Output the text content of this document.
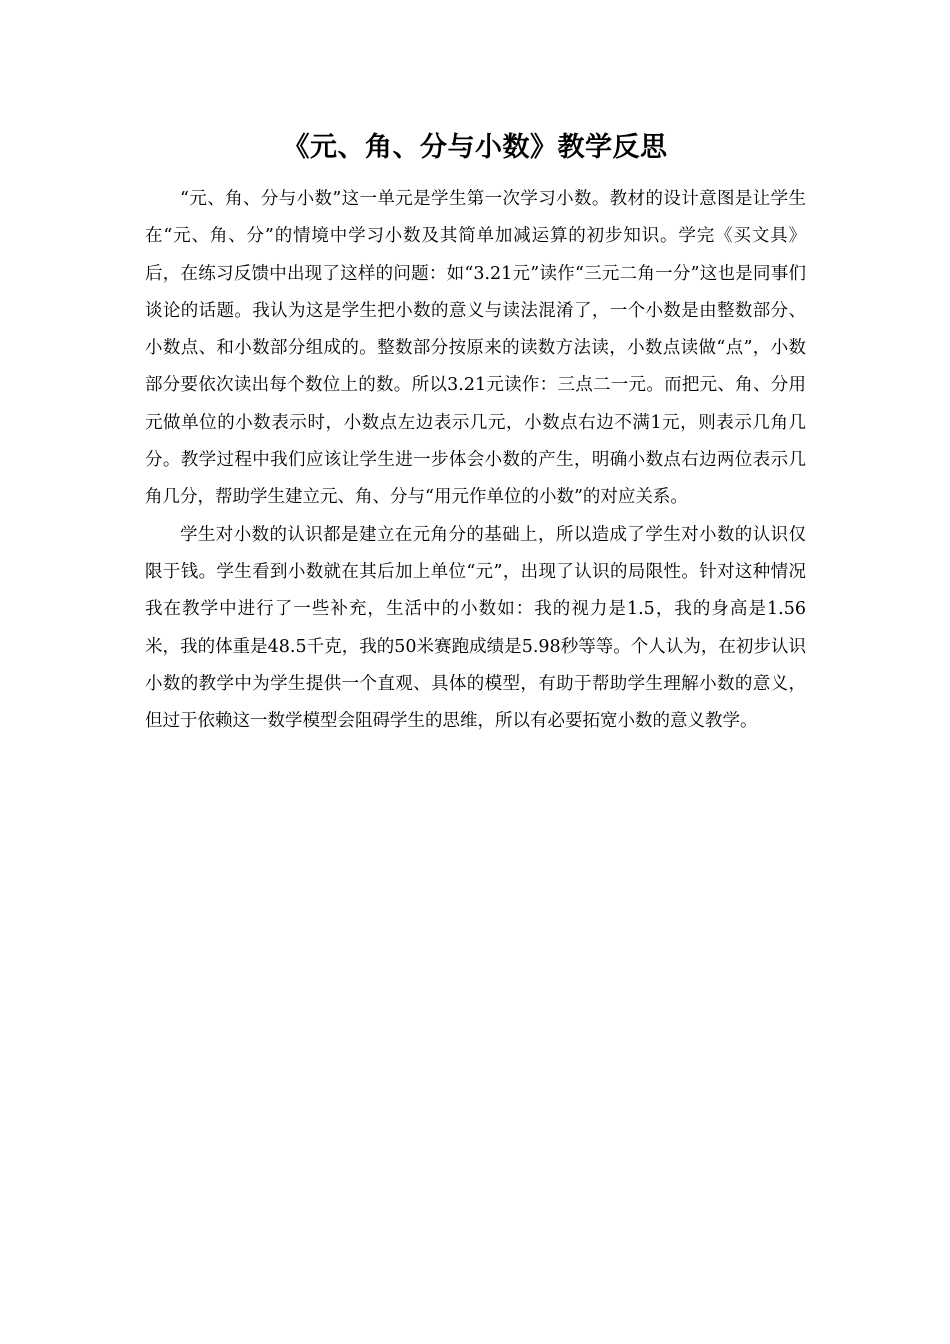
《元、角、分与小数》教学反思

“元、角、分与小数”这一单元是学生第一次学习小数。教材的设计意图是让学生在“元、角、分”的情境中学习小数及其简单加减运算的初步知识。学完《买文具》后，在练习反馈中出现了这样的问题：如“3.21元”读作“三元二角一分”这也是同事们谈论的话题。我认为这是学生把小数的意义与读法混淆了，一个小数是由整数部分、小数点、和小数部分组成的。整数部分按原来的读数方法读，小数点读做“点”，小数部分要依次读出每个数位上的数。所以3.21元读作：三点二一元。而把元、角、分用元做单位的小数表示时，小数点左边表示几元，小数点右边不满1元，则表示几角几分。教学过程中我们应该让学生进一步体会小数的产生，明确小数点右边两位表示几角几分，帮助学生建立元、角、分与“用元作单位的小数”的对应关系。

学生对小数的认识都是建立在元角分的基础上，所以造成了学生对小数的认识仅限于钱。学生看到小数就在其后加上单位“元”，出现了认识的局限性。针对这种情况我在教学中进行了一些补充，生活中的小数如：我的视力是1.5，我的身高是1.56米，我的体重是48.5千克，我的50米赛跑成绩是5.98秒等等。个人认为，在初步认识小数的教学中为学生提供一个直观、具体的模型，有助于帮助学生理解小数的意义，但过于依赖这一数学模型会阻碍学生的思维，所以有必要拓宽小数的意义教学。
